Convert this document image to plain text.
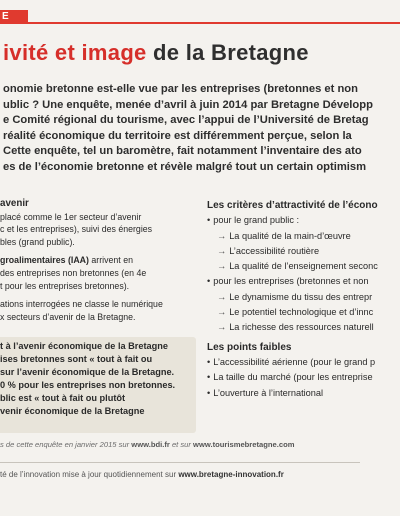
E
ivité et image de la Bretagne
onomie bretonne est-elle vue par les entreprises (bretonnes et non
ublic ? Une enquête, menée d’avril à juin 2014 par Bretagne Développ
e Comité régional du tourisme, avec l’appui de l’Université de Bretag
réalité économique du territoire est différemment perçue, selon la
Cette enquête, tel un baromètre, fait notamment l’inventaire des ato
es de l’économie bretonne et révèle malgré tout un certain optimism
avenir
placé comme le 1er secteur d’avenir
c et les entreprises), suivi des énergies
bles (grand public).
groalimentaires (IAA) arrivent en
des entreprises non bretonnes (en 4e
t pour les entreprises bretonnes).
ations interrogées ne classe le numérique
x secteurs d’avenir de la Bretagne.
t à l’avenir économique de la Bretagne
ises bretonnes sont « tout à fait ou
sur l’avenir économique de la Bretagne.
0 % pour les entreprises non bretonnes.
blic est « tout à fait ou plutôt
venir économique de la Bretagne
Les critères d’attractivité de l’écono
• pour le grand public :
→ La qualité de la main-d’œuvre
→ L’accessibilité routière
→ La qualité de l’enseignement seconc
• pour les entreprises (bretonnes et non
→ Le dynamisme du tissu des entrepr
→ Le potentiel technologique et d’innc
→ La richesse des ressources naturell
Les points faibles
• L’accessibilité aérienne (pour le grand p
• La taille du marché (pour les entreprise
• L’ouverture à l’international
s de cette enquête en janvier 2015 sur www.bdi.fr et sur www.tourismebretagne.com
té de l’innovation mise à jour quotidiennement sur www.bretagne-innovation.fr
